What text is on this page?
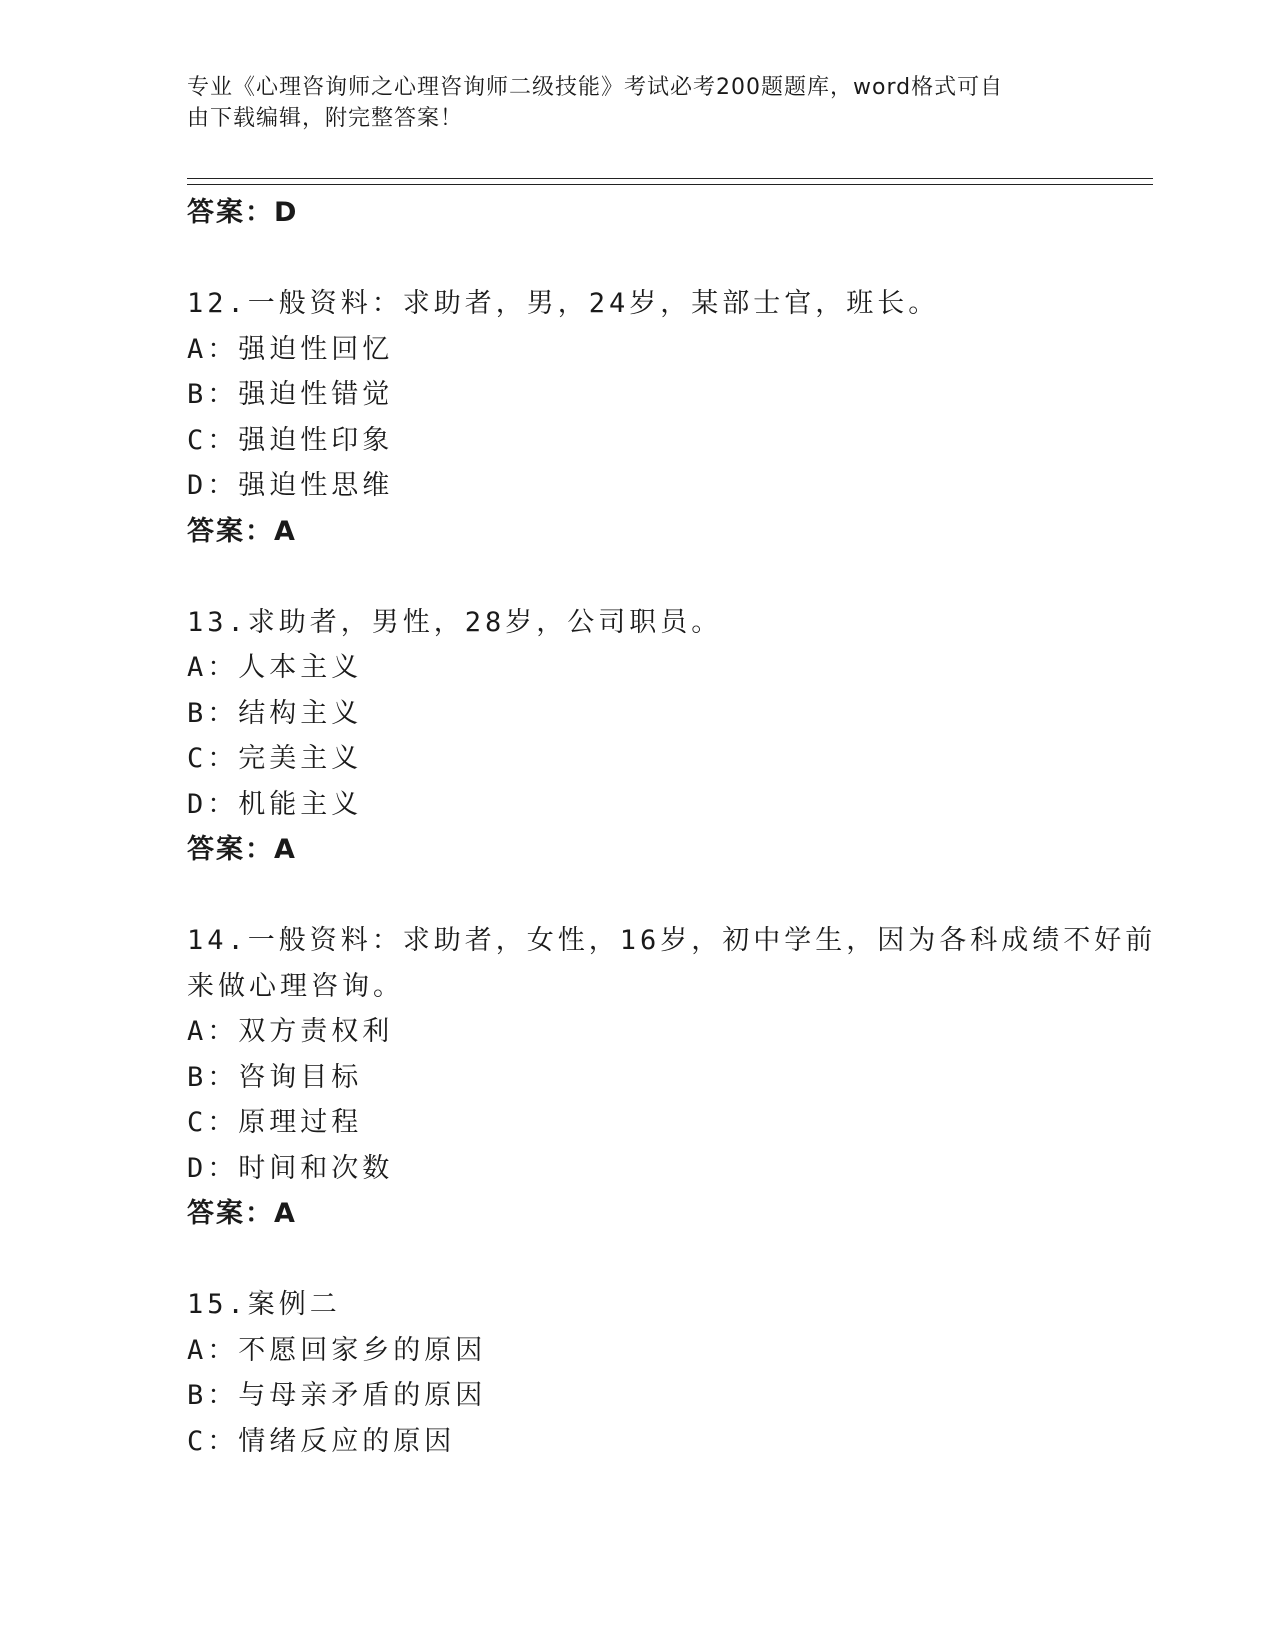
专业《心理咨询师之心理咨询师二级技能》考试必考200题题库，word格式可自
由下载编辑，附完整答案！
答案：D
12.一般资料：求助者，男，24岁，某部士官，班长。
A：强迫性回忆
B：强迫性错觉
C：强迫性印象
D：强迫性思维
答案：A
13.求助者，男性，28岁，公司职员。
A：人本主义
B：结构主义
C：完美主义
D：机能主义
答案：A
14.一般资料：求助者，女性，16岁，初中学生，因为各科成绩不好前
来做心理咨询。
A：双方责权利
B：咨询目标
C：原理过程
D：时间和次数
答案：A
15.案例二
A：不愿回家乡的原因
B：与母亲矛盾的原因
C：情绪反应的原因
